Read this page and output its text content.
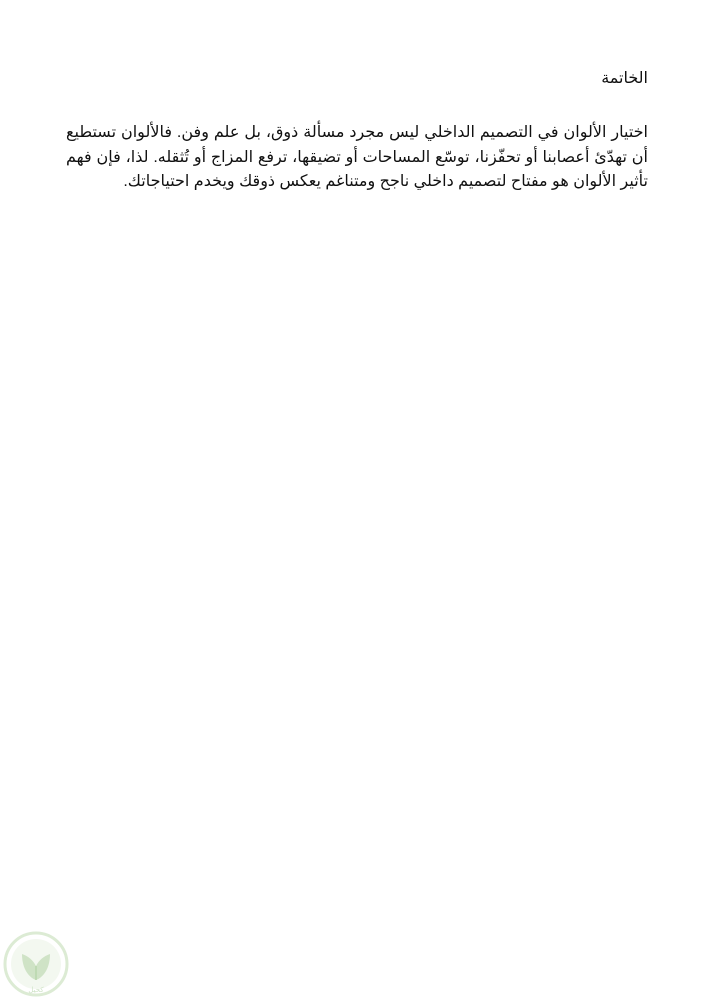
الخاتمة

اختيار الألوان في التصميم الداخلي ليس مجرد مسألة ذوق، بل علم وفن. فالألوان تستطيع أن تهدّئ أعصابنا أو تحفّزنا، توسّع المساحات أو تضيقها، ترفع المزاج أو تُثقله. لذا، فإن فهم تأثير الألوان هو مفتاح لتصميم داخلي ناجح ومتناغم يعكس ذوقك ويخدم احتياجاتك.

كحيل
